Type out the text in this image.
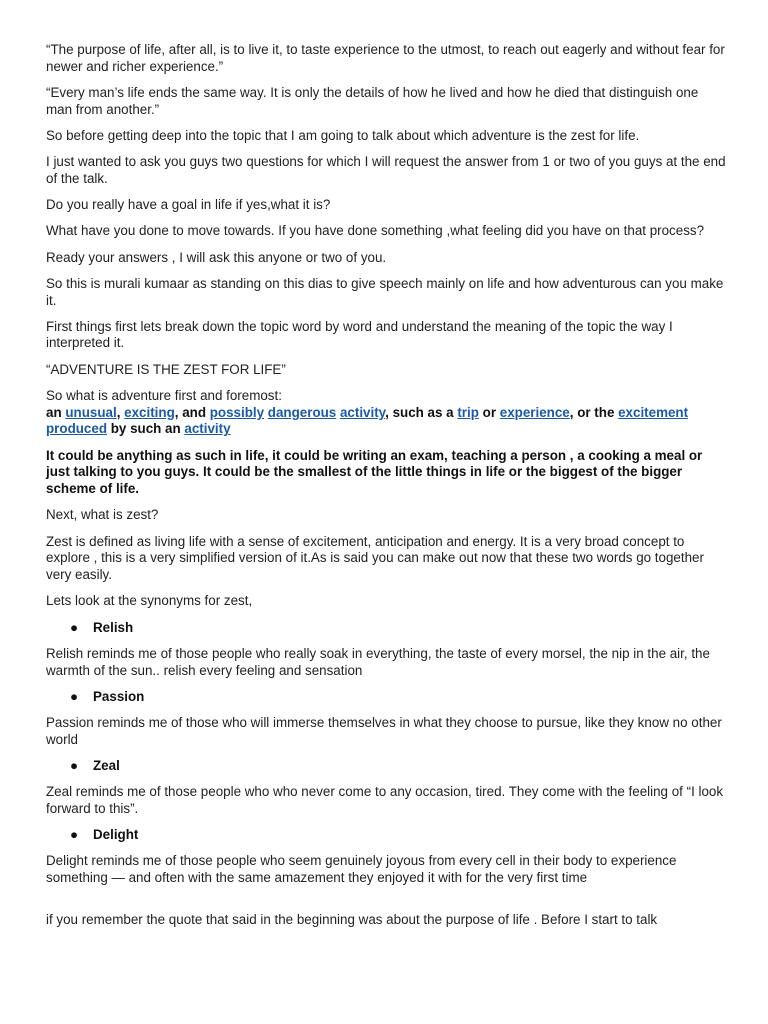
“The purpose of life, after all, is to live it, to taste experience to the utmost, to reach out eagerly and without fear for newer and richer experience.”

“Every man’s life ends the same way. It is only the details of how he lived and how he died that distinguish one man from another.”

So before getting deep into the topic that I am going to talk about which adventure is the zest for life.

I just wanted to ask you guys two questions for which I will request the answer from 1 or two of you guys at the end of the talk.

Do you really have a goal in life if yes,what it is?

What have you done to move towards. If you have done something ,what feeling did you have on that process?

Ready your answers , I will ask this anyone or two of you.

So this is murali kumaar as standing on this dias to give speech mainly on life and how adventurous can you make it.

First things first lets break down the topic word by word and understand the meaning of the topic the way I interpreted it.

“ADVENTURE IS THE ZEST FOR LIFE”

So what is adventure first and foremost:

an unusual, exciting, and possibly dangerous activity, such as a trip or experience, or the excitement produced by such an activity

It could be anything as such in life, it could be writing an exam, teaching a person , a cooking a meal or just talking to you guys. It could be the smallest of the little things in life or the biggest of the bigger scheme of life.

Next, what is zest?

Zest is defined as living life with a sense of excitement, anticipation and energy. It is a very broad concept to explore , this is a very simplified version of it.As is said you can make out now that these two words go together very easily.

Lets look at the synonyms for zest,

● Relish

Relish reminds me of those people who really soak in everything, the taste of every morsel, the nip in the air, the warmth of the sun.. relish every feeling and sensation

● Passion

Passion reminds me of those who will immerse themselves in what they choose to pursue, like they know no other world

● Zeal

Zeal reminds me of those people who who never come to any occasion, tired. They come with the feeling of “I look forward to this”.

● Delight

Delight reminds me of those people who seem genuinely joyous from every cell in their body to experience something — and often with the same amazement they enjoyed it with for the very first time

if you remember the quote that said in the beginning was about the purpose of life . Before I start to talk
